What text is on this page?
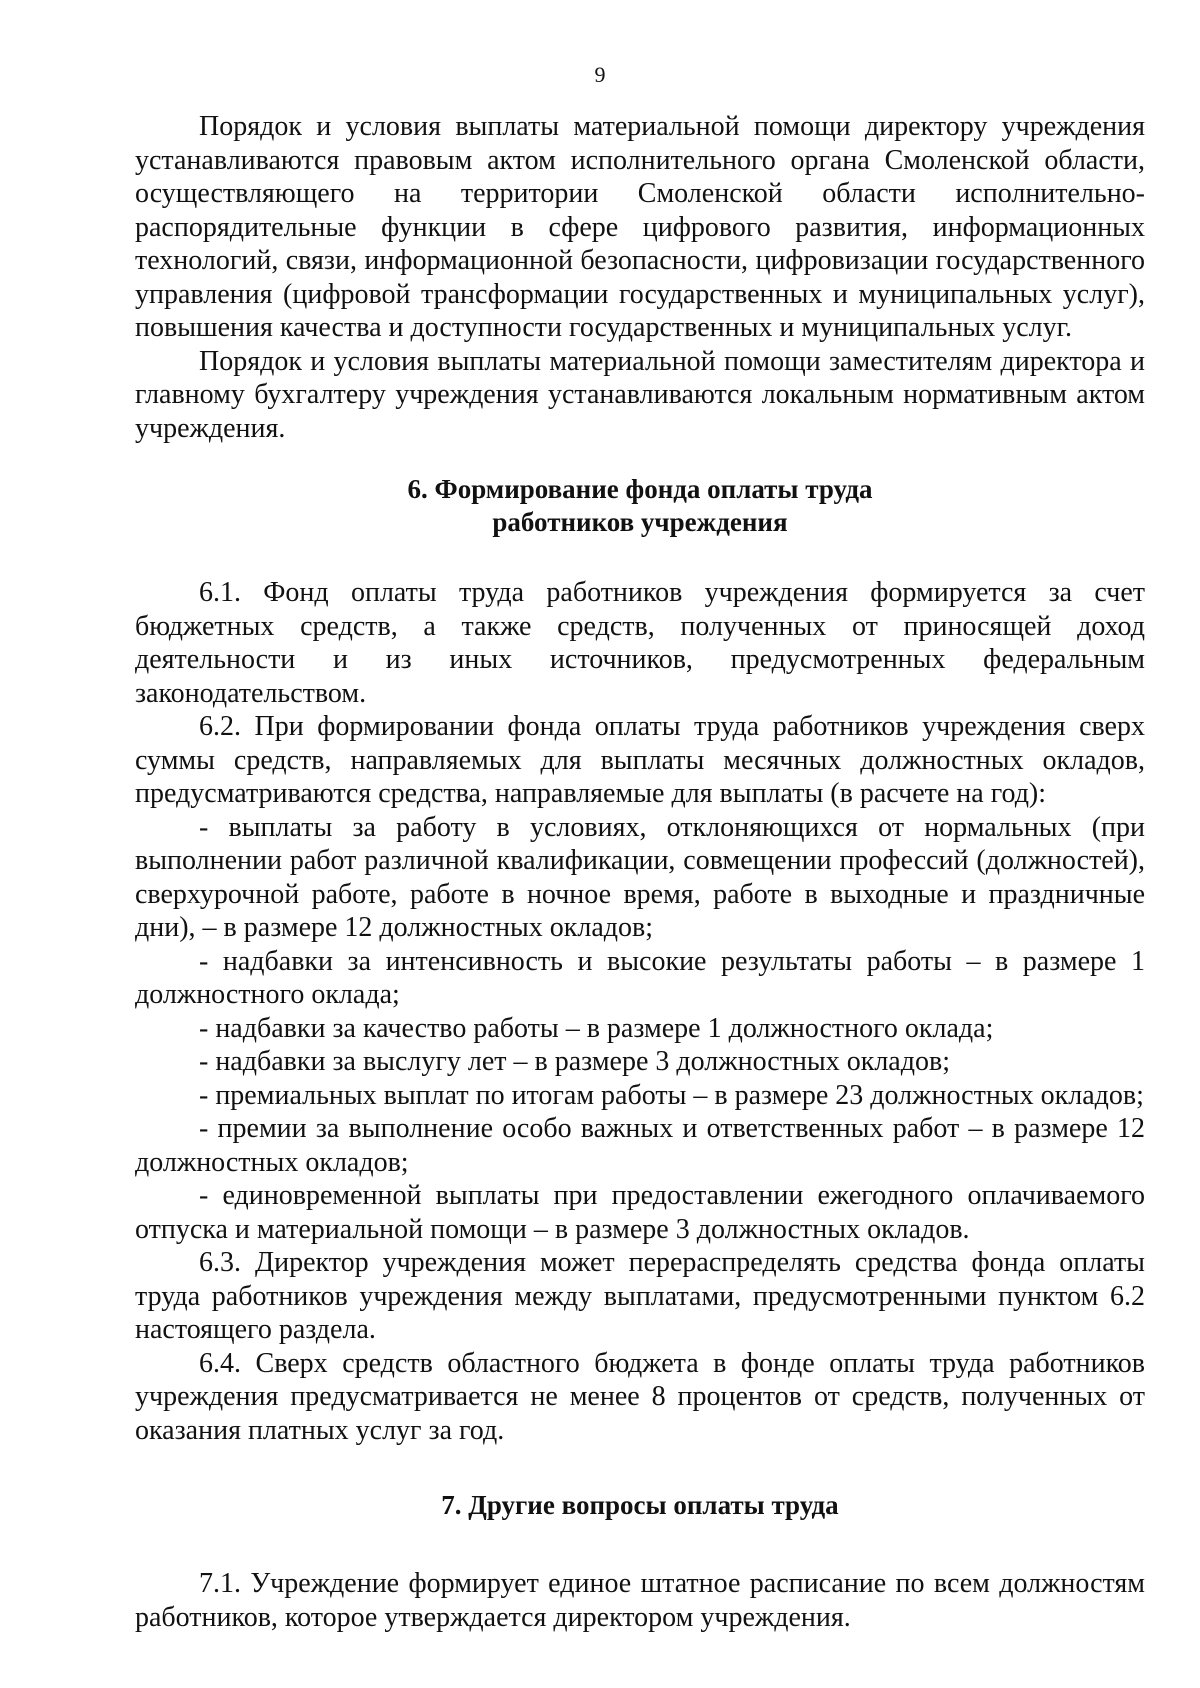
9

Порядок и условия выплаты материальной помощи директору учреждения устанавливаются правовым актом исполнительного органа Смоленской области, осуществляющего на территории Смоленской области исполнительно-распорядительные функции в сфере цифрового развития, информационных технологий, связи, информационной безопасности, цифровизации государственного управления (цифровой трансформации государственных и муниципальных услуг), повышения качества и доступности государственных и муниципальных услуг.

Порядок и условия выплаты материальной помощи заместителям директора и главному бухгалтеру учреждения устанавливаются локальным нормативным актом учреждения.

6. Формирование фонда оплаты труда
работников учреждения

6.1. Фонд оплаты труда работников учреждения формируется за счет бюджетных средств, а также средств, полученных от приносящей доход деятельности и из иных источников, предусмотренных федеральным законодательством.

6.2. При формировании фонда оплаты труда работников учреждения сверх суммы средств, направляемых для выплаты месячных должностных окладов, предусматриваются средства, направляемые для выплаты (в расчете на год):

- выплаты за работу в условиях, отклоняющихся от нормальных (при выполнении работ различной квалификации, совмещении профессий (должностей), сверхурочной работе, работе в ночное время, работе в выходные и праздничные дни), – в размере 12 должностных окладов;

- надбавки за интенсивность и высокие результаты работы – в размере 1 должностного оклада;

- надбавки за качество работы – в размере 1 должностного оклада;

- надбавки за выслугу лет – в размере 3 должностных окладов;

- премиальных выплат по итогам работы – в размере 23 должностных окладов;

- премии за выполнение особо важных и ответственных работ – в размере 12 должностных окладов;

- единовременной выплаты при предоставлении ежегодного оплачиваемого отпуска и материальной помощи – в размере 3 должностных окладов.

6.3. Директор учреждения может перераспределять средства фонда оплаты труда работников учреждения между выплатами, предусмотренными пунктом 6.2 настоящего раздела.

6.4. Сверх средств областного бюджета в фонде оплаты труда работников учреждения предусматривается не менее 8 процентов от средств, полученных от оказания платных услуг за год.

7. Другие вопросы оплаты труда

7.1. Учреждение формирует единое штатное расписание по всем должностям работников, которое утверждается директором учреждения.
